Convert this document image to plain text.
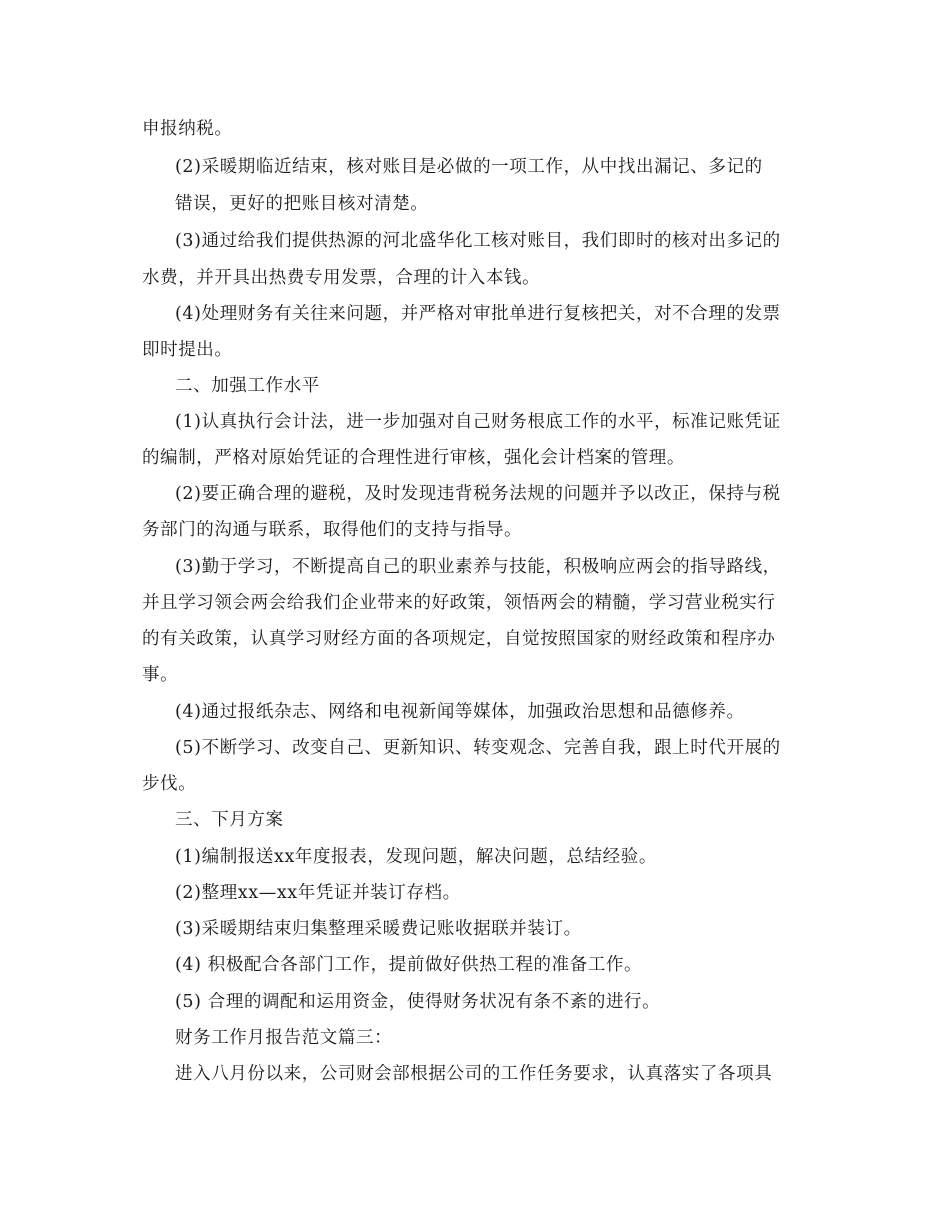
申报纳税。
(2)采暖期临近结束，核对账目是必做的一项工作，从中找出漏记、多记的
错误，更好的把账目核对清楚。
(3)通过给我们提供热源的河北盛华化工核对账目，我们即时的核对出多记的
水费，并开具出热费专用发票，合理的计入本钱。
(4)处理财务有关往来问题，并严格对审批单进行复核把关，对不合理的发票
即时提出。
二、加强工作水平
(1)认真执行会计法，进一步加强对自己财务根底工作的水平，标准记账凭证
的编制，严格对原始凭证的合理性进行审核，强化会计档案的管理。
(2)要正确合理的避税，及时发现违背税务法规的问题并予以改正，保持与税
务部门的沟通与联系，取得他们的支持与指导。
(3)勤于学习，不断提高自己的职业素养与技能，积极响应两会的指导路线，
并且学习领会两会给我们企业带来的好政策，领悟两会的精髓，学习营业税实行
的有关政策，认真学习财经方面的各项规定，自觉按照国家的财经政策和程序办
事。
(4)通过报纸杂志、网络和电视新闻等媒体，加强政治思想和品德修养。
(5)不断学习、改变自己、更新知识、转变观念、完善自我，跟上时代开展的
步伐。
三、下月方案
(1)编制报送xx年度报表，发现问题，解决问题，总结经验。
(2)整理xx—xx年凭证并装订存档。
(3)采暖期结束归集整理采暖费记账收据联并装订。
(4) 积极配合各部门工作，提前做好供热工程的准备工作。
(5) 合理的调配和运用资金，使得财务状况有条不紊的进行。
财务工作月报告范文篇三：
进入八月份以来，公司财会部根据公司的工作任务要求，认真落实了各项具
